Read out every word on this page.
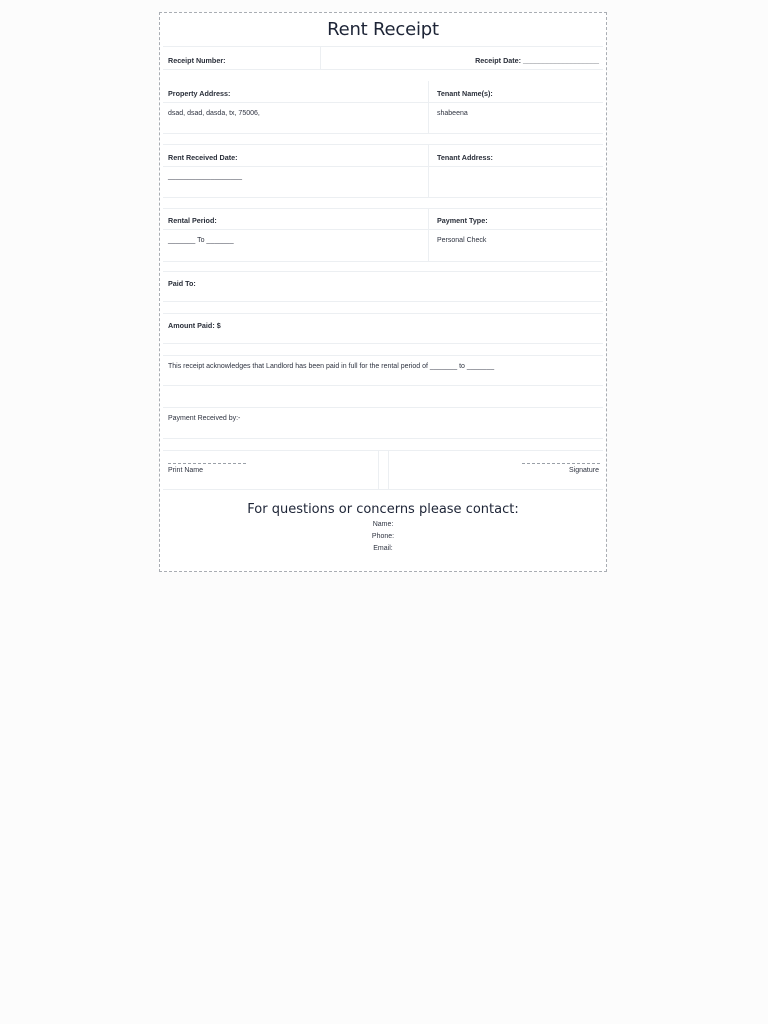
Rent Receipt
Receipt Number:	Receipt Date: ___________________
Property Address:	Tenant Name(s):
dsad, dsad, dasda, tx, 75006,	shabeena
Rent Received Date:	Tenant Address:
___________________
Rental Period:	Payment Type:
_______ To _______	Personal Check
Paid To:
Amount Paid: $
This receipt acknowledges that Landlord has been paid in full for the rental period of _______ to _______
Payment Received by:-
Print Name	Signature
For questions or concerns please contact:
Name:
Phone:
Email:
